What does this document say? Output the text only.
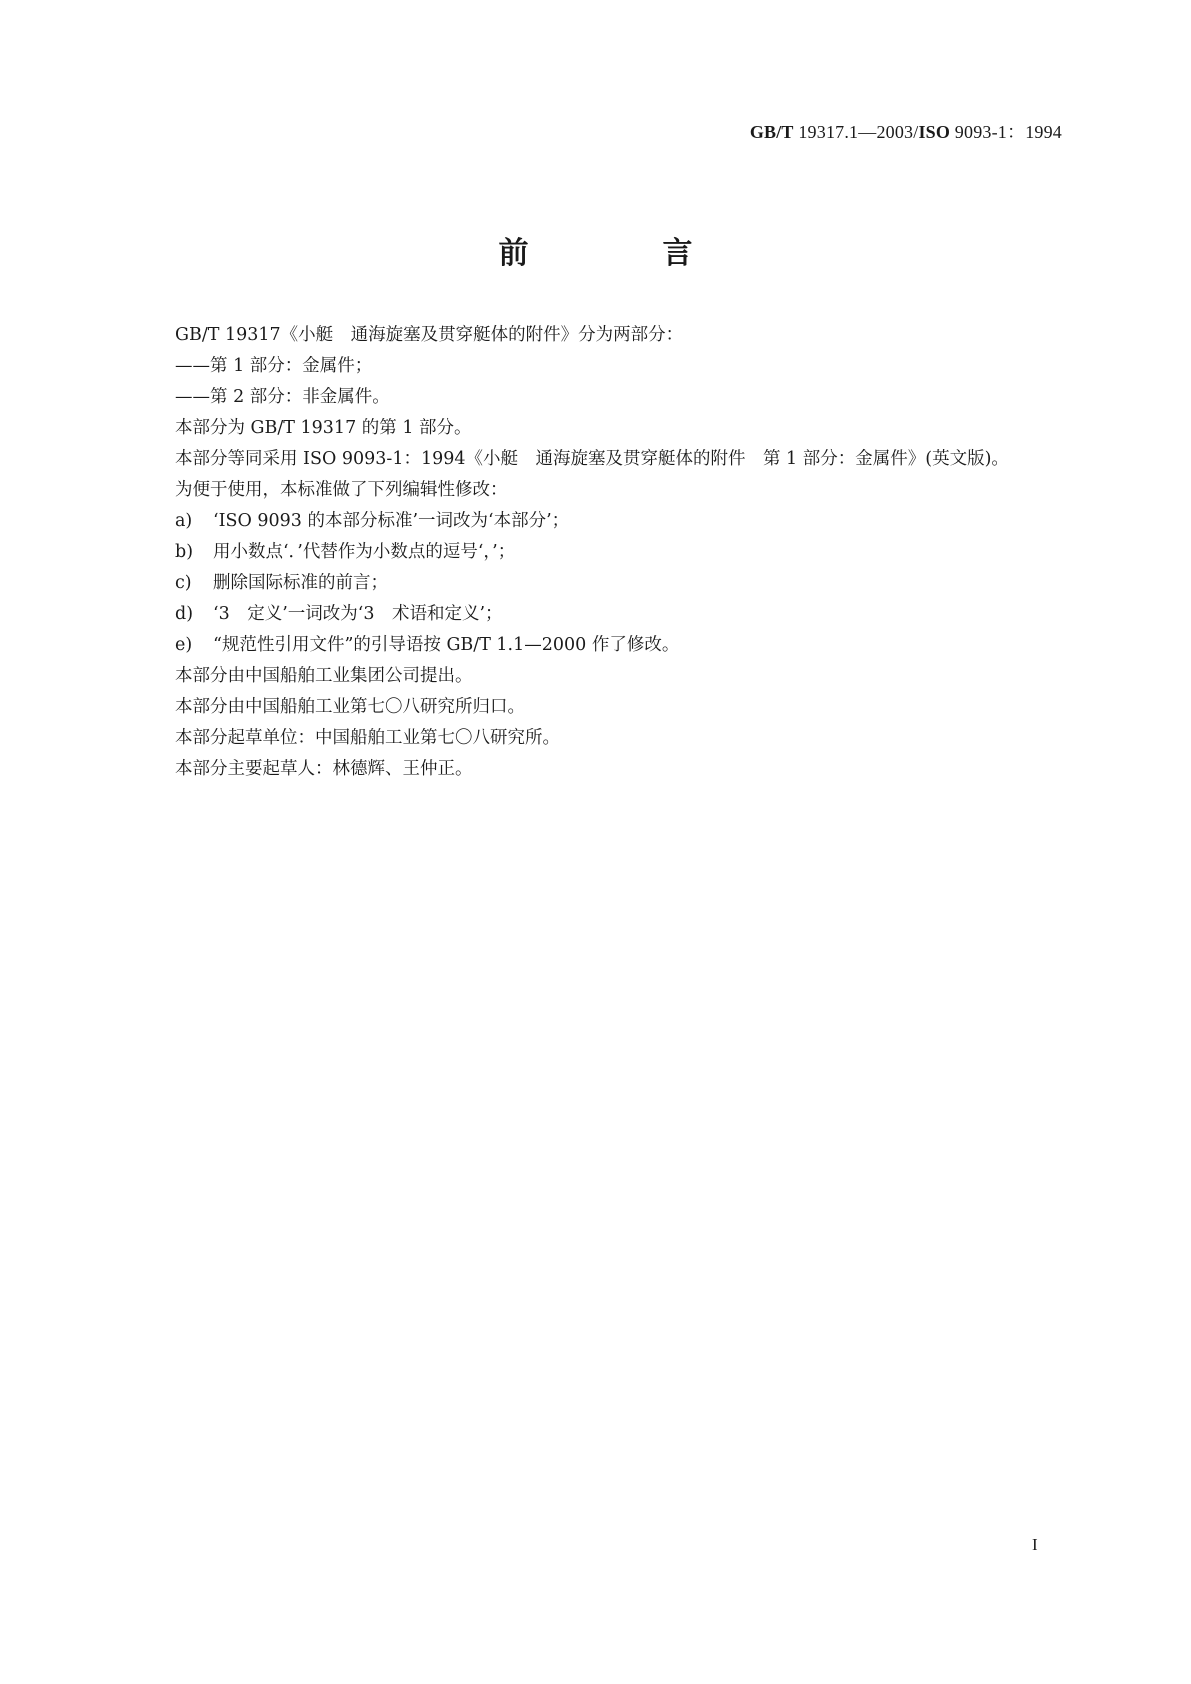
GB/T 19317.1—2003/ISO 9093-1：1994
前　言

GB/T 19317《小艇　通海旋塞及贯穿艇体的附件》分为两部分：

——第 1 部分：金属件；

——第 2 部分：非金属件。

本部分为 GB/T 19317 的第 1 部分。

本部分等同采用 ISO 9093-1：1994《小艇　通海旋塞及贯穿艇体的附件　第 1 部分：金属件》(英文版)。

为便于使用，本标准做了下列编辑性修改：

a) ‘ISO 9093 的本部分标准’一词改为‘本部分’；
b) 用小数点‘．’代替作为小数点的逗号‘，’；
c) 删除国际标准的前言；
d) ‘3　定义’一词改为‘3　术语和定义’；
e) “规范性引用文件”的引导语按 GB/T 1.1—2000 作了修改。

本部分由中国船舶工业集团公司提出。

本部分由中国船舶工业第七〇八研究所归口。

本部分起草单位：中国船舶工业第七〇八研究所。

本部分主要起草人：林德辉、王仲正。

I
